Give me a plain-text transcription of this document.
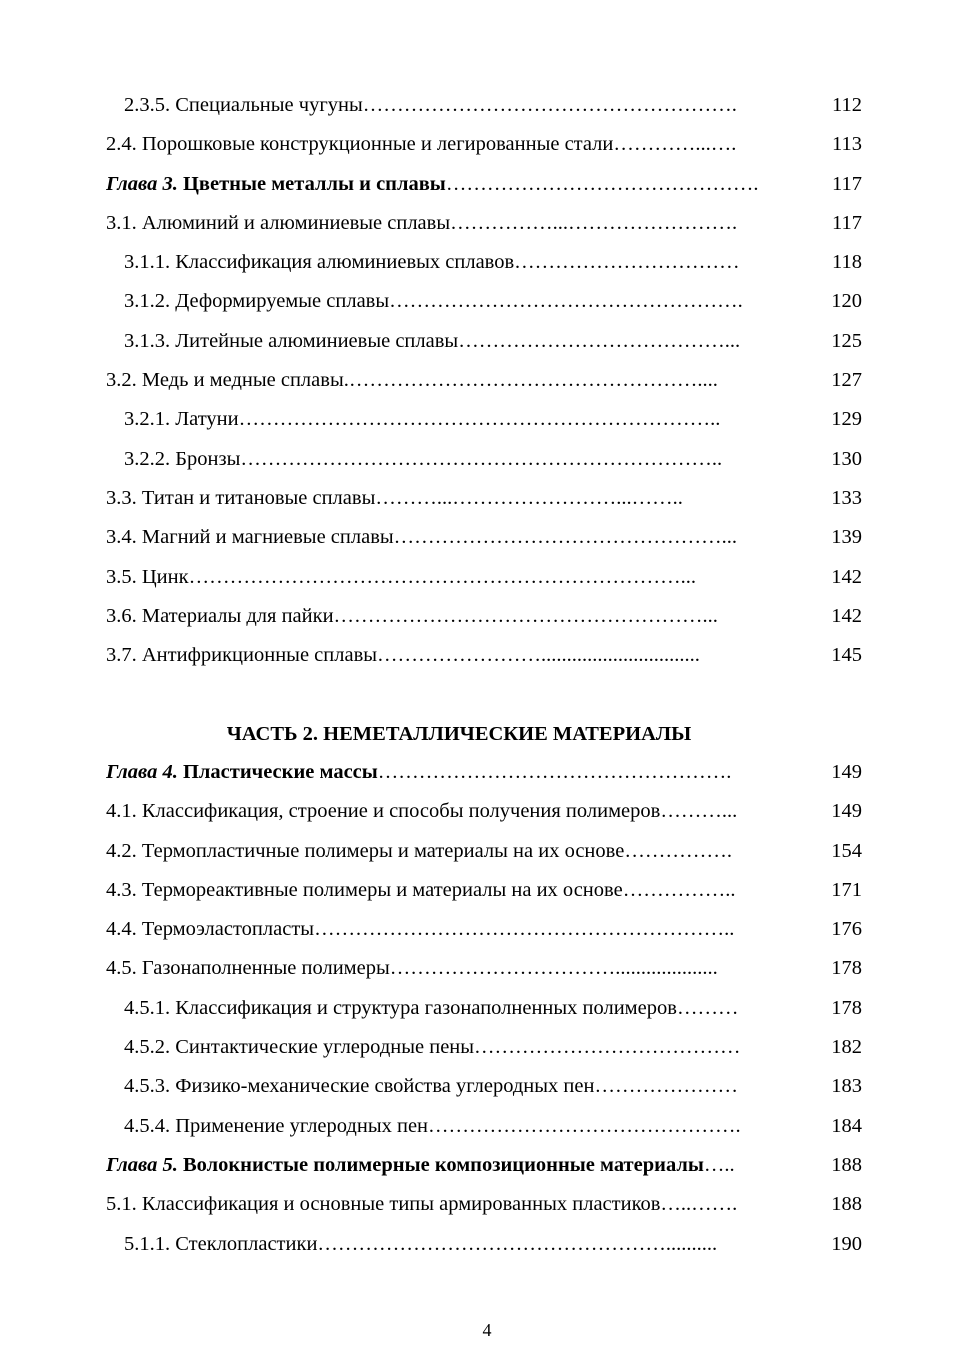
2.3.5. Специальные чугуны……………………………………………….	112
2.4. Порошковые конструкционные и легированные стали…………...….	113
Глава 3. Цветные металлы и сплавы……………………………………….	117
3.1. Алюминий и алюминиевые сплавы……………...…………………….	117
3.1.1. Классификация алюминиевых сплавов……………………………	118
3.1.2. Деформируемые сплавы…………………………………………….	120
3.1.3. Литейные алюминиевые сплавы…………………………………...	125
3.2. Медь и медные сплавы.……………………………………………....	127
3.2.1. Латуни……………………………………………………………..	129
3.2.2. Бронзы……………………………………………………………..	130
3.3. Титан и титановые сплавы………...……………………...……..	133
3.4. Магний и магниевые сплавы…………………………………………...	139
3.5. Цинк………………………………………………………………...	142
3.6. Материалы для пайки………………………………………………...	142
3.7. Антифрикционные сплавы……………………...............................	145
ЧАСТЬ 2. НЕМЕТАЛЛИЧЕСКИЕ МАТЕРИАЛЫ
Глава 4. Пластические массы…………………………………………….	149
4.1. Классификация, строение и способы получения полимеров………...	149
4.2. Термопластичные полимеры и материалы на их основе…………….	154
4.3. Термореактивные полимеры и материалы на их основе……………..	171
4.4. Термоэластопласты……………………………………………………..	176
4.5. Газонаполненные полимеры……………………………....................	178
4.5.1. Классификация и структура газонаполненных полимеров………	178
4.5.2. Синтактические углеродные пены…………………………………	182
4.5.3. Физико-механические свойства углеродных пен…………………	183
4.5.4. Применение углеродных пен……………………………………….	184
Глава 5. Волокнистые полимерные композиционные материалы…..	188
5.1. Классификация и основные типы армированных пластиков…..…….	188
5.1.1. Стеклопластики……………………………………………..........	190
4
